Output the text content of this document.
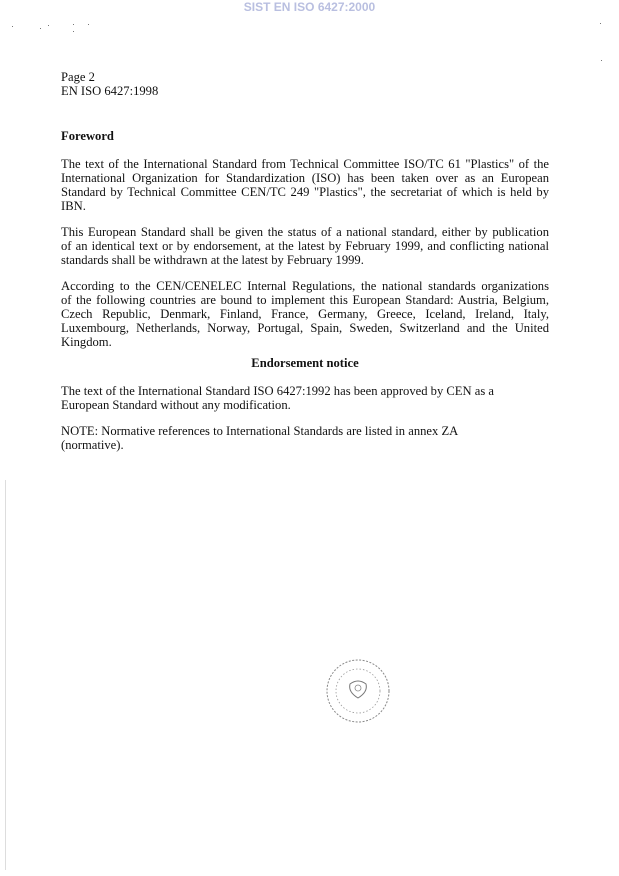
SIST EN ISO 6427:2000
Page 2
EN ISO 6427:1998
Foreword
The text of the International Standard from Technical Committee ISO/TC 61 "Plastics" of the
International Organization for Standardization (ISO) has been taken over as an European
Standard by Technical Committee CEN/TC 249 "Plastics", the secretariat of which is held by
IBN.
This European Standard shall be given the status of a national standard, either by publication
of an identical text or by endorsement, at the latest by February 1999, and conflicting national
standards shall be withdrawn at the latest by February 1999.
According to the CEN/CENELEC Internal Regulations, the national standards organizations
of the following countries are bound to implement this European Standard: Austria, Belgium,
Czech Republic, Denmark, Finland, France, Germany, Greece, Iceland, Ireland, Italy,
Luxembourg, Netherlands, Norway, Portugal, Spain, Sweden, Switzerland and the United
Kingdom.
Endorsement notice
The text of the International Standard ISO 6427:1992 has been approved by CEN as a
European Standard without any modification.
NOTE: Normative references to International Standards are listed in annex ZA
(normative).
